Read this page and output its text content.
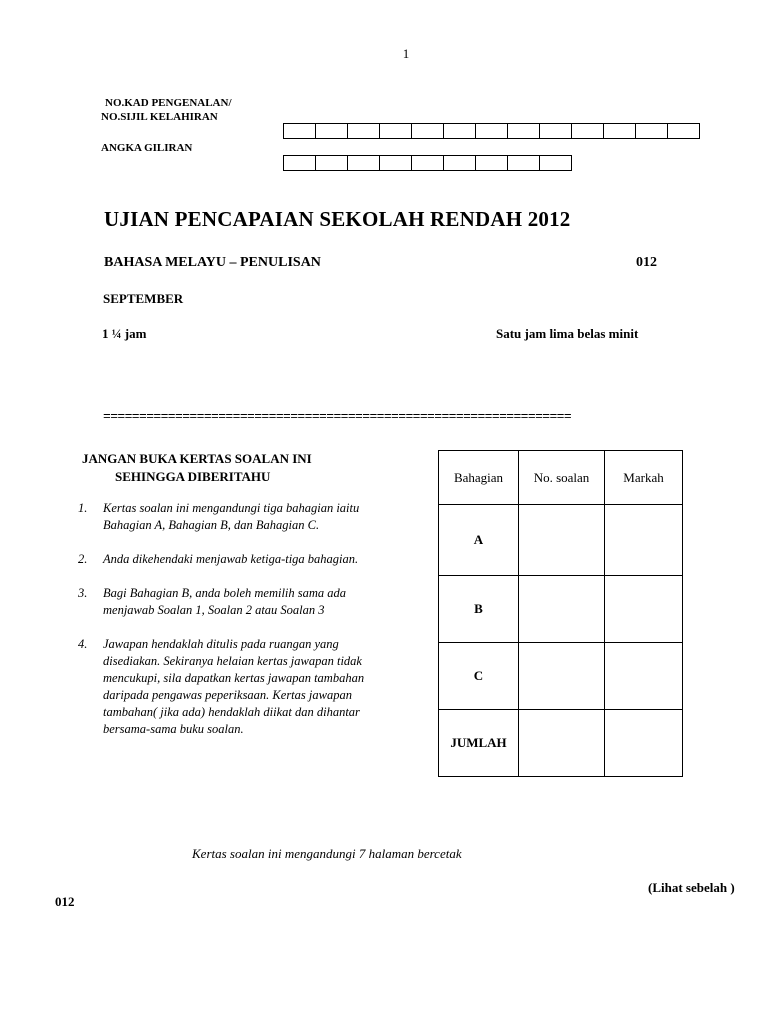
1
NO.KAD PENGENALAN/
NO.SIJIL KELAHIRAN
ANGKA GILIRAN
UJIAN PENCAPAIAN SEKOLAH RENDAH 2012
BAHASA MELAYU – PENULISAN	012
SEPTEMBER
1 ¼ jam	Satu jam lima belas minit
=================================================================
JANGAN BUKA KERTAS SOALAN INI
SEHINGGA DIBERITAHU
1. Kertas soalan ini mengandungi tiga bahagian iaitu Bahagian A, Bahagian B, dan Bahagian C.
2. Anda dikehendaki menjawab ketiga-tiga bahagian.
3. Bagi Bahagian B, anda boleh memilih sama ada menjawab Soalan 1, Soalan 2 atau Soalan 3
4. Jawapan hendaklah ditulis pada ruangan yang disediakan. Sekiranya helaian kertas jawapan tidak mencukupi, sila dapatkan kertas jawapan tambahan daripada pengawas peperiksaan. Kertas jawapan tambahan( jika ada) hendaklah diikat dan dihantar bersama-sama buku soalan.
Bahagian	No. soalan	Markah
A		
B		
C		
JUMLAH		
Kertas soalan ini mengandungi 7 halaman bercetak
(Lihat sebelah )
012
